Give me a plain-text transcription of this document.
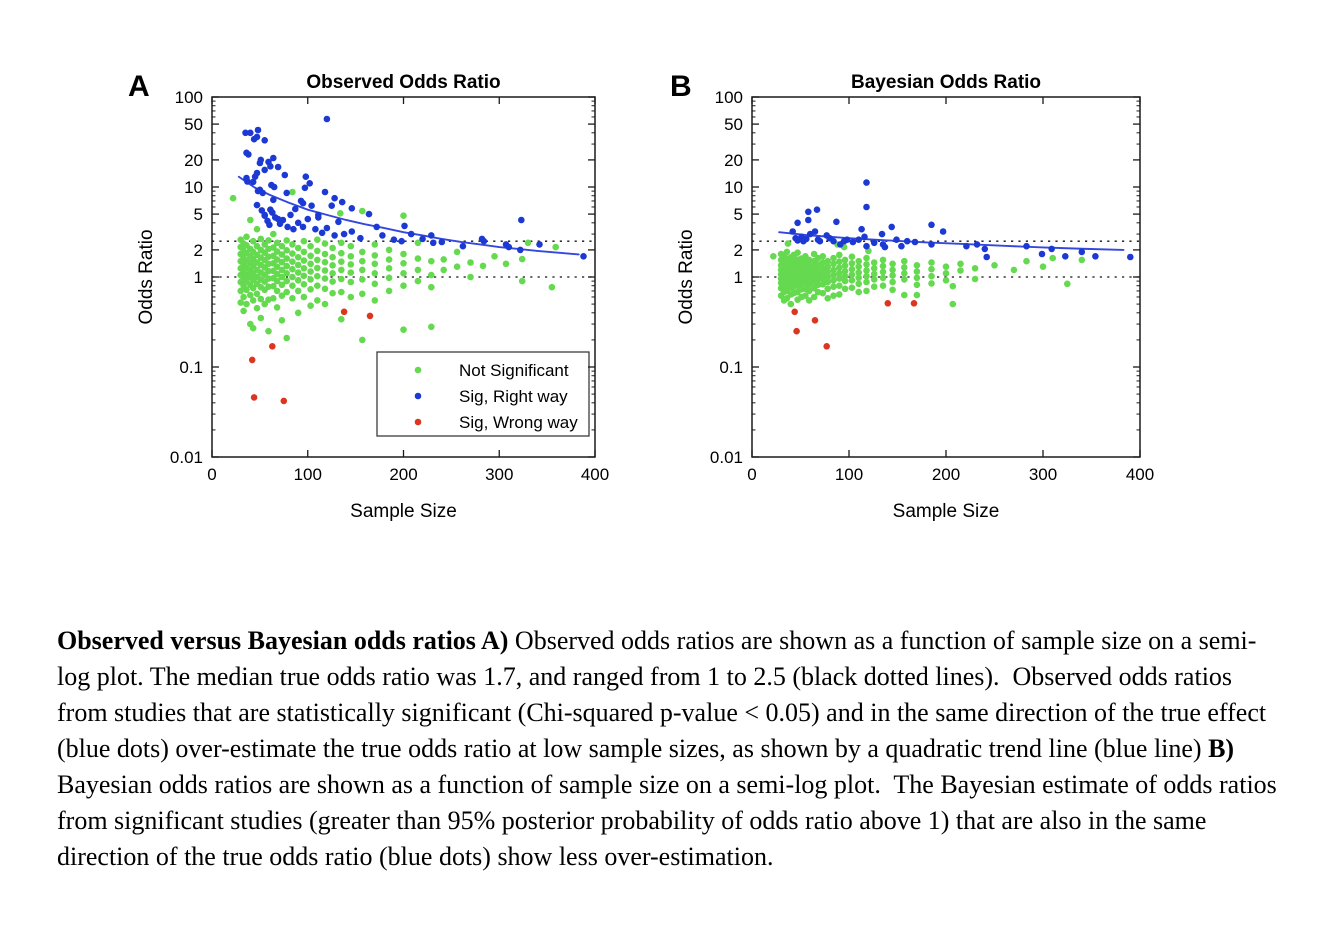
Not Significant
Sig, Right way
Sig, Wrong way
0	100	200	300	400
100
50
20
10
5
2
1
0.1
0.01
Observed Odds Ratio
A
Sample Size
Odds Ratio
0	100	200	300	400
100
50
20
10
5
2
1
0.1
0.01
Bayesian Odds Ratio
B
Sample Size
Odds Ratio

Observed versus Bayesian odds ratios A) Observed odds ratios are shown as a function of sample size on a semi-log plot. The median true odds ratio was 1.7, and ranged from 1 to 2.5 (black dotted lines).  Observed odds ratios from studies that are statistically significant (Chi-squared p-value < 0.05) and in the same direction of the true effect (blue dots) over-estimate the true odds ratio at low sample sizes, as shown by a quadratic trend line (blue line) B) Bayesian odds ratios are shown as a function of sample size on a semi-log plot.  The Bayesian estimate of odds ratios from significant studies (greater than 95% posterior probability of odds ratio above 1) that are also in the same direction of the true odds ratio (blue dots) show less over-estimation.
